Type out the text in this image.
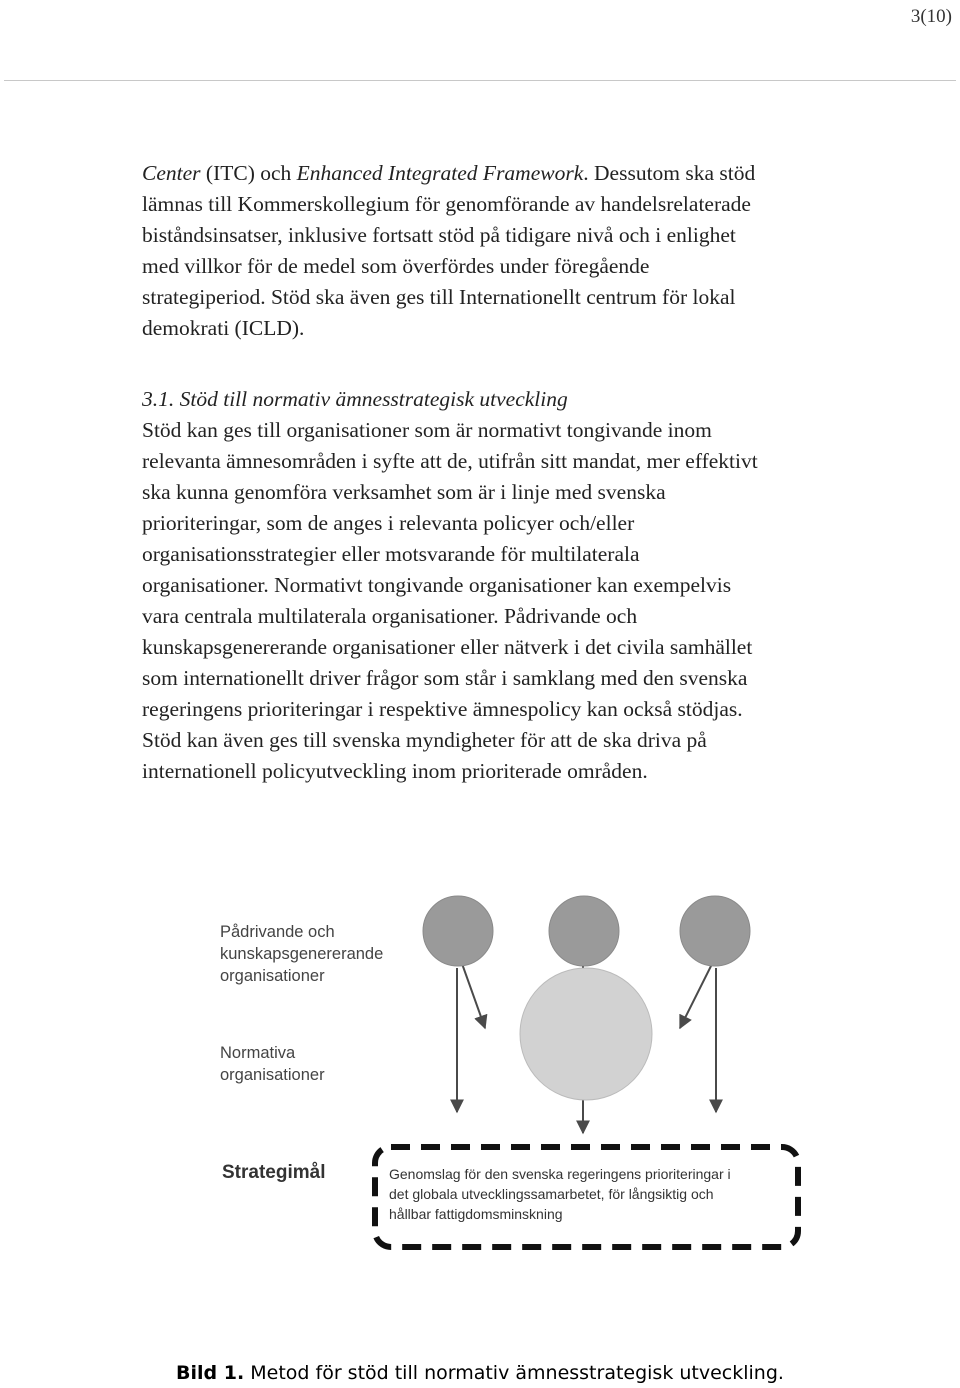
3(10)
Center (ITC) och Enhanced Integrated Framework. Dessutom ska stöd
lämnas till Kommerskollegium för genomförande av handelsrelaterade
biståndsinsatser, inklusive fortsatt stöd på tidigare nivå och i enlighet
med villkor för de medel som överfördes under föregående
strategiperiod. Stöd ska även ges till Internationellt centrum för lokal
demokrati (ICLD).
3.1. Stöd till normativ ämnesstrategisk utveckling
Stöd kan ges till organisationer som är normativt tongivande inom
relevanta ämnesområden i syfte att de, utifrån sitt mandat, mer effektivt
ska kunna genomföra verksamhet som är i linje med svenska
prioriteringar, som de anges i relevanta policyer och/eller
organisationsstrategier eller motsvarande för multilaterala
organisationer. Normativt tongivande organisationer kan exempelvis
vara centrala multilaterala organisationer. Pådrivande och
kunskapsgenererande organisationer eller nätverk i det civila samhället
som internationellt driver frågor som står i samklang med den svenska
regeringens prioriteringar i respektive ämnespolicy kan också stödjas.
Stöd kan även ges till svenska myndigheter för att de ska driva på
internationell policyutveckling inom prioriterade områden.
Pådrivande och kunskapsgenererande organisationer
Normativa organisationer
Strategimål	Genomslag för den svenska regeringens prioriteringar i det globala utvecklingssamarbetet, för långsiktig och hållbar fattigdomsminskning
Bild 1. Metod för stöd till normativ ämnesstrategisk utveckling.
